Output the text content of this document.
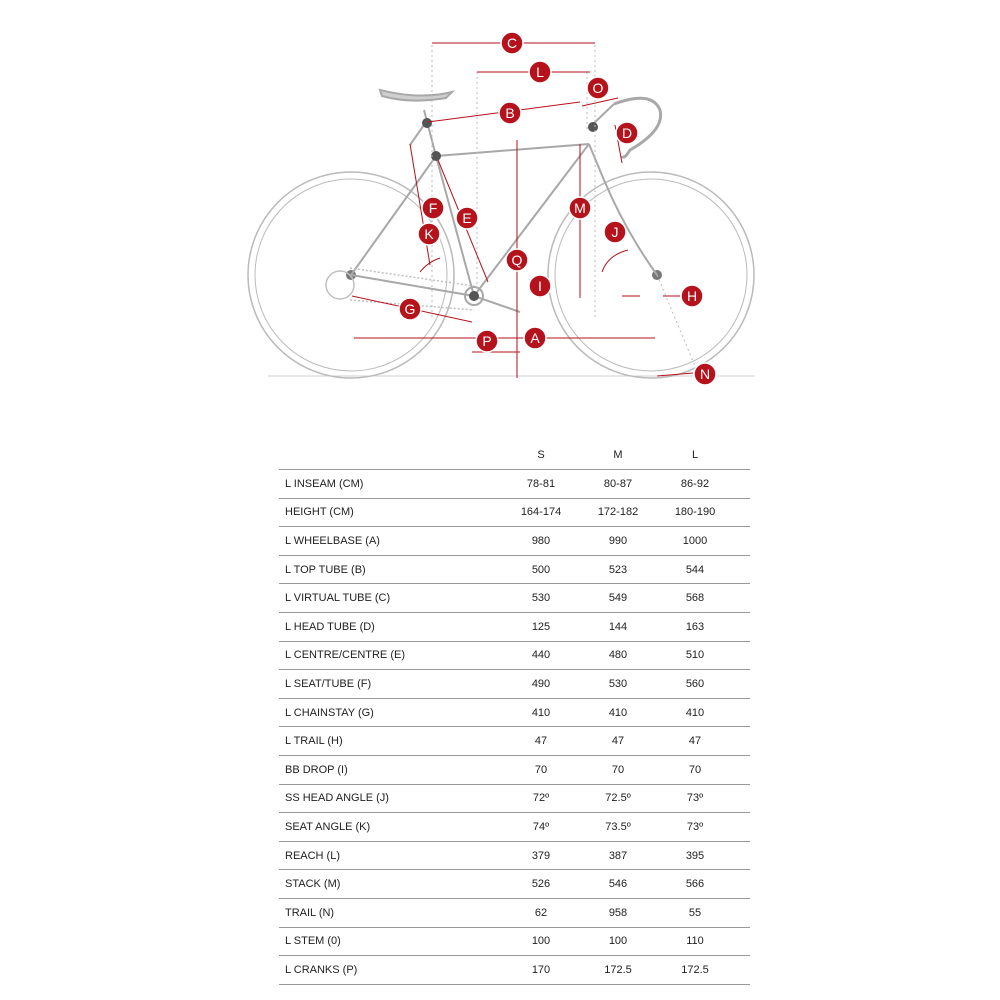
C
L
O
B
D
F
E
M
K	J
Q
I
H
G
P	A
N
S	M	L
L INSEAM (CM)	78-81	80-87	86-92
HEIGHT (CM)	164-174	172-182	180-190
L WHEELBASE (A)	980	990	1000
L TOP TUBE (B)	500	523	544
L VIRTUAL TUBE (C)	530	549	568
L HEAD TUBE (D)	125	144	163
L CENTRE/CENTRE (E)	440	480	510
L SEAT/TUBE (F)	490	530	560
L CHAINSTAY (G)	410	410	410
L TRAIL (H)	47	47	47
BB DROP (I)	70	70	70
SS HEAD ANGLE (J)	72º	72.5º	73º
SEAT ANGLE (K)	74º	73.5º	73º
REACH (L)	379	387	395
STACK (M)	526	546	566
TRAIL (N)	62	958	55
L STEM (0)	100	100	110
L CRANKS (P)	170	172.5	172.5
